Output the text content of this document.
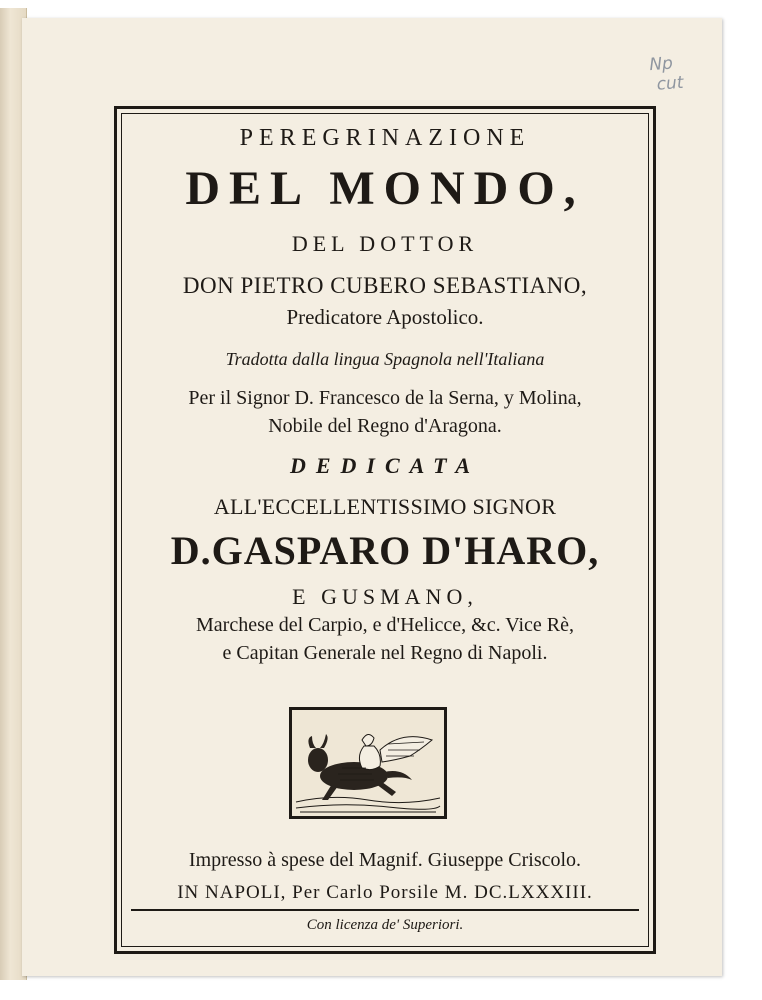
Np
cut
PEREGRINAZIONE
DEL MONDO,
DEL DOTTOR
DON PIETRO CUBERO SEBASTIANO,
Predicatore Apostolico.
Tradotta dalla lingua Spagnola nell'Italiana
Per il Signor D. Francesco de la Serna, y Molina,
Nobile del Regno d'Aragona.
DEDICATA
ALL'ECCELLENTISSIMO SIGNOR
D.GASPARO D'HARO,
E GUSMANO,
Marchese del Carpio, e d'Helicce, &c. Vice Rè,
e Capitan Generale nel Regno di Napoli.
Impresso à spese del Magnif. Giuseppe Criscolo.
IN NAPOLI, Per Carlo Porsile M. DC.LXXXIII.
Con licenza de' Superiori.
